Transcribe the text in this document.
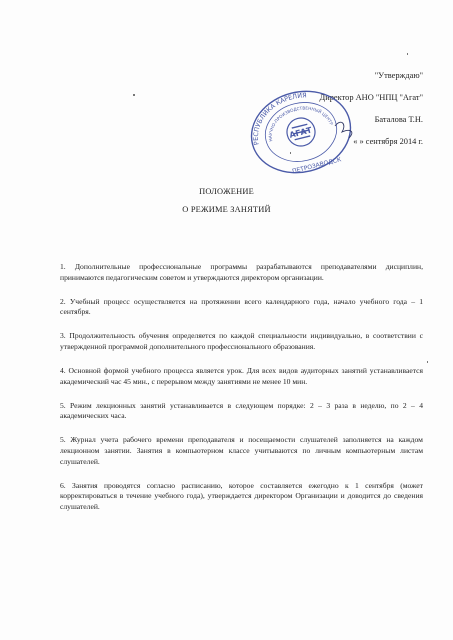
"Утверждаю"
Директор АНО "НПЦ "Агат"
Баталова Т.Н.
« » сентября 2014 г.
РЕСПУБЛИКА КАРЕЛИЯ
НАУЧНО-ПРОИЗВОДСТВЕННЫЙ ЦЕНТР
ПЕТРОЗАВОДСК
АГАТ
ПОЛОЖЕНИЕ
О РЕЖИМЕ ЗАНЯТИЙ

1. Дополнительные профессиональные программы разрабатываются преподавателями дисциплин, принимаются педагогическим советом и утверждаются директором организации.

2. Учебный процесс осуществляется на протяжении всего календарного года, начало учебного года – 1 сентября.

3. Продолжительность обучения определяется по каждой специальности индивидуально, в соответствии с утвержденной программой дополнительного профессионального образования.

4. Основной формой учебного процесса является урок. Для всех видов аудиторных занятий устанавливается академический час 45 мин., с перерывом между занятиями не менее 10 мин.

5. Режим лекционных занятий устанавливается в следующем порядке: 2 – 3 раза в неделю, по 2 – 4 академических часа.

5. Журнал учета рабочего времени преподавателя и посещаемости слушателей заполняется на каждом лекционном занятии. Занятия в компьютерном классе учитываются по личным компьютерным листам слушателей.

6. Занятия проводятся согласно расписанию, которое составляется ежегодно к 1 сентября (может корректироваться в течение учебного года), утверждается директором Организации и доводится до сведения слушателей.
